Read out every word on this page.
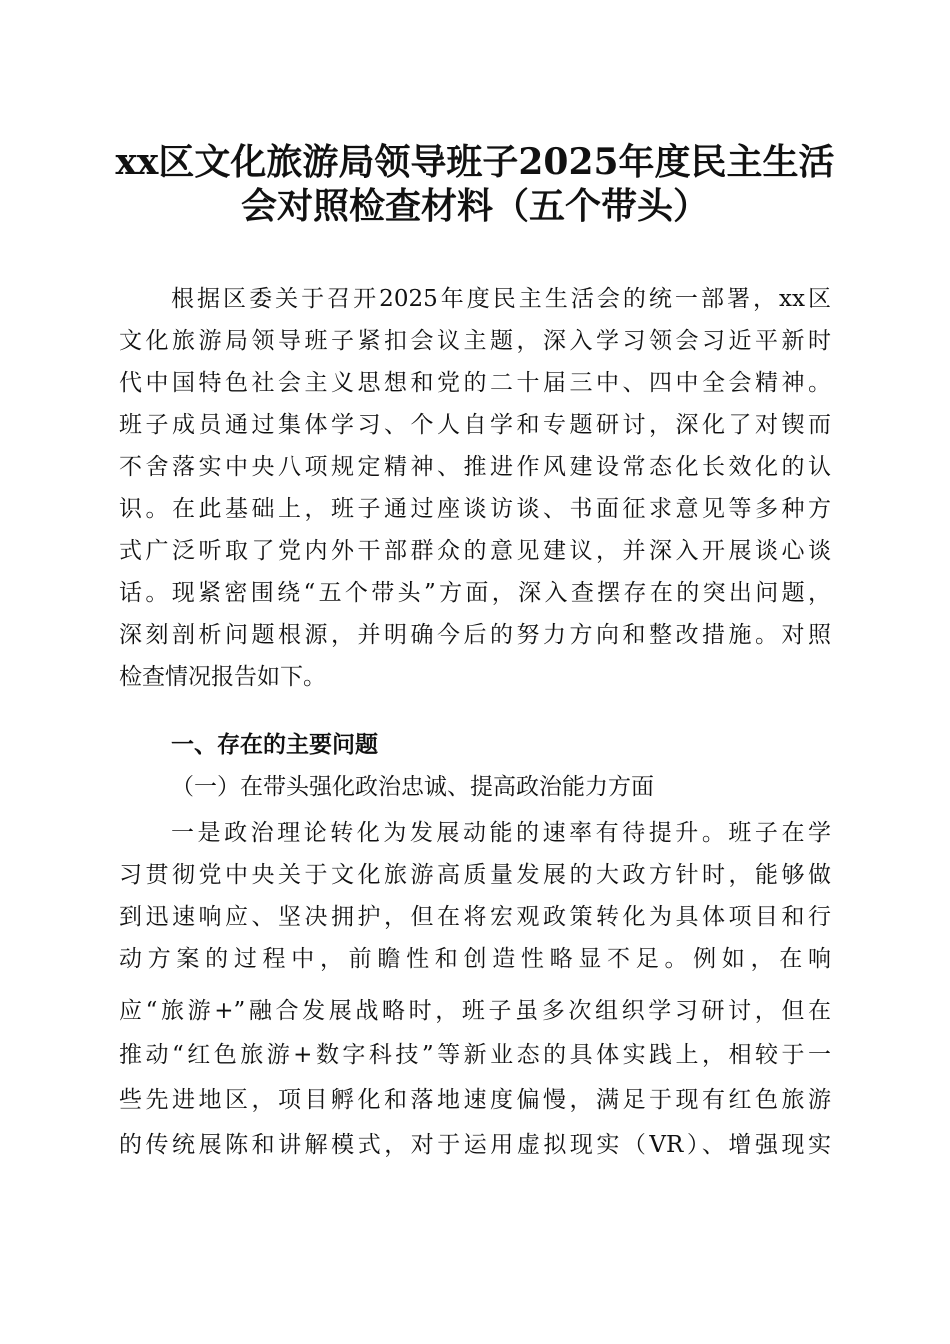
xx区文化旅游局领导班子2025年度民主生活
会对照检查材料（五个带头）
根据区委关于召开2025年度民主生活会的统一部署，xx区
文化旅游局领导班子紧扣会议主题，深入学习领会习近平新时
代中国特色社会主义思想和党的二十届三中、四中全会精神。
班子成员通过集体学习、个人自学和专题研讨，深化了对锲而
不舍落实中央八项规定精神、推进作风建设常态化长效化的认
识。在此基础上，班子通过座谈访谈、书面征求意见等多种方
式广泛听取了党内外干部群众的意见建议，并深入开展谈心谈
话。现紧密围绕“五个带头”方面，深入查摆存在的突出问题，
深刻剖析问题根源，并明确今后的努力方向和整改措施。对照
检查情况报告如下。
一、存在的主要问题
（一）在带头强化政治忠诚、提高政治能力方面
一是政治理论转化为发展动能的速率有待提升。班子在学
习贯彻党中央关于文化旅游高质量发展的大政方针时，能够做
到迅速响应、坚决拥护，但在将宏观政策转化为具体项目和行
动方案的过程中，前瞻性和创造性略显不足。例如，在响
应“旅游+”融合发展战略时，班子虽多次组织学习研讨，但在
推动“红色旅游+数字科技”等新业态的具体实践上，相较于一
些先进地区，项目孵化和落地速度偏慢，满足于现有红色旅游
的传统展陈和讲解模式，对于运用虚拟现实（VR）、增强现实
